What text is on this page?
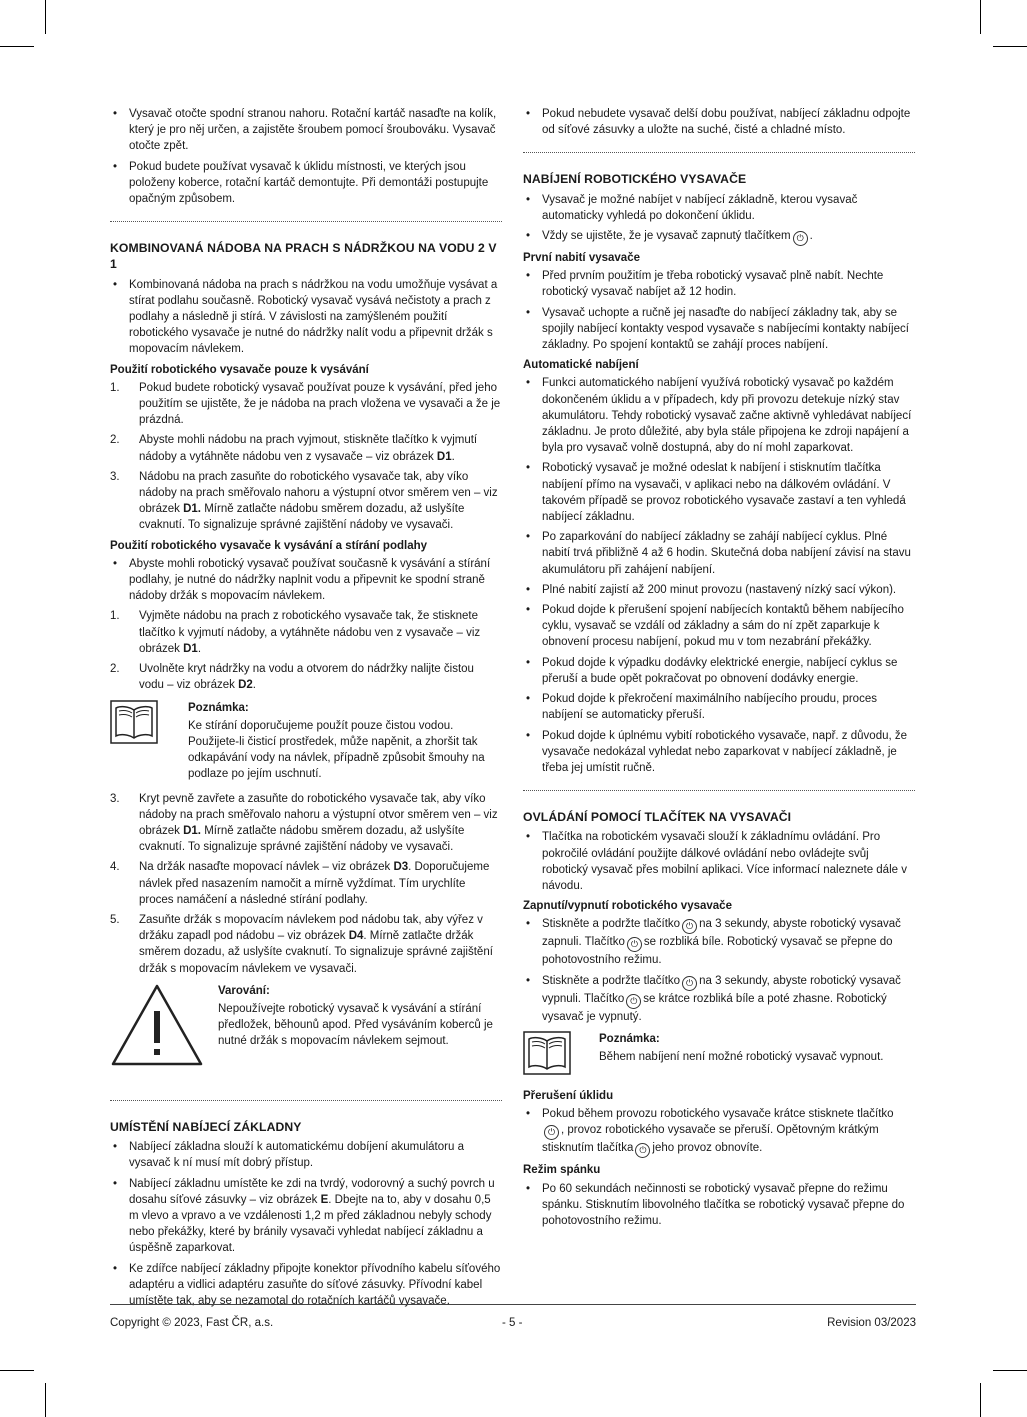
• Vysavač otočte spodní stranou nahoru. Rotační kartáč nasaďte na kolík, který je pro něj určen, a zajistěte šroubem pomocí šroubováku. Vysavač otočte zpět.
• Pokud budete používat vysavač k úklidu místnosti, ve kterých jsou položeny koberce, rotační kartáč demontujte. Při demontáži postupujte opačným způsobem.
KOMBINOVANÁ NÁDOBA NA PRACH S NÁDRŽKOU NA VODU 2 V 1
• Kombinovaná nádoba na prach s nádržkou na vodu umožňuje vysávat a stírat podlahu současně. Robotický vysavač vysává nečistoty a prach z podlahy a následně ji stírá. V závislosti na zamýšleném použití robotického vysavače je nutné do nádržky nalít vodu a připevnit držák s mopovacím návlekem.
Použití robotického vysavače pouze k vysávání
1. Pokud budete robotický vysavač používat pouze k vysávání, před jeho použitím se ujistěte, že je nádoba na prach vložena ve vysavači a že je prázdná.
2. Abyste mohli nádobu na prach vyjmout, stiskněte tlačítko k vyjmutí nádoby a vytáhněte nádobu ven z vysavače – viz obrázek D1.
3. Nádobu na prach zasuňte do robotického vysavače tak, aby víko nádoby na prach směřovalo nahoru a výstupní otvor směrem ven – viz obrázek D1. Mírně zatlačte nádobu směrem dozadu, až uslyšíte cvaknutí. To signalizuje správné zajištění nádoby ve vysavači.
Použití robotického vysavače k vysávání a stírání podlahy
• Abyste mohli robotický vysavač používat současně k vysávání a stírání podlahy, je nutné do nádržky naplnit vodu a připevnit ke spodní straně nádoby držák s mopovacím návlekem.
1. Vyjměte nádobu na prach z robotického vysavače tak, že stisknete tlačítko k vyjmutí nádoby, a vytáhněte nádobu ven z vysavače – viz obrázek D1.
2. Uvolněte kryt nádržky na vodu a otvorem do nádržky nalijte čistou vodu – viz obrázek D2.
Poznámka:
Ke stírání doporučujeme použít pouze čistou vodou. Použijete-li čisticí prostředek, může napěnit, a zhoršit tak odkapávání vody na návlek, případně způsobit šmouhy na podlaze po jejím uschnutí.
3. Kryt pevně zavřete a zasuňte do robotického vysavače tak, aby víko nádoby na prach směřovalo nahoru a výstupní otvor směrem ven – viz obrázek D1. Mírně zatlačte nádobu směrem dozadu, až uslyšíte cvaknutí. To signalizuje správné zajištění nádoby ve vysavači.
4. Na držák nasaďte mopovací návlek – viz obrázek D3. Doporučujeme návlek před nasazením namočit a mírně vyždímat. Tím urychlíte proces namáčení a následné stírání podlahy.
5. Zasuňte držák s mopovacím návlekem pod nádobu tak, aby výřez v držáku zapadl pod nádobu – viz obrázek D4. Mírně zatlačte držák směrem dozadu, až uslyšíte cvaknutí. To signalizuje správné zajištění držák s mopovacím návlekem ve vysavači.
Varování:
Nepoužívejte robotický vysavač k vysávání a stírání předložek, běhounů apod. Před vysáváním koberců je nutné držák s mopovacím návlekem sejmout.
UMÍSTĚNÍ NABÍJECÍ ZÁKLADNY
• Nabíjecí základna slouží k automatickému dobíjení akumulátoru a vysavač k ní musí mít dobrý přístup.
• Nabíjecí základnu umístěte ke zdi na tvrdý, vodorovný a suchý povrch u dosahu síťové zásuvky – viz obrázek E. Dbejte na to, aby v dosahu 0,5 m vlevo a vpravo a ve vzdálenosti 1,2 m před základnou nebyly schody nebo překážky, které by bránily vysavači vyhledat nabíjecí základnu a úspěšně zaparkovat.
• Ke zdířce nabíjecí základny připojte konektor přívodního kabelu síťového adaptéru a vidlici adaptéru zasuňte do síťové zásuvky. Přívodní kabel umístěte tak, aby se nezamotal do rotačních kartáčů vysavače.
• Pokud nebudete vysavač delší dobu používat, nabíjecí základnu odpojte od síťové zásuvky a uložte na suché, čisté a chladné místo.
NABÍJENÍ ROBOTICKÉHO VYSAVAČE
• Vysavač je možné nabíjet v nabíjecí základně, kterou vysavač automaticky vyhledá po dokončení úklidu.
• Vždy se ujistěte, že je vysavač zapnutý tlačítkem ⏻ .
První nabití vysavače
• Před prvním použitím je třeba robotický vysavač plně nabít. Nechte robotický vysavač nabíjet až 12 hodin.
• Vysavač uchopte a ručně jej nasaďte do nabíjecí základny tak, aby se spojily nabíjecí kontakty vespod vysavače s nabíjecími kontakty nabíjecí základny. Po spojení kontaktů se zahájí proces nabíjení.
Automatické nabíjení
• Funkci automatického nabíjení využívá robotický vysavač po každém dokončeném úklidu a v případech, kdy při provozu detekuje nízký stav akumulátoru. Tehdy robotický vysavač začne aktivně vyhledávat nabíjecí základnu. Je proto důležité, aby byla stále připojena ke zdroji napájení a byla pro vysavač volně dostupná, aby do ní mohl zaparkovat.
• Robotický vysavač je možné odeslat k nabíjení i stisknutím tlačítka nabíjení přímo na vysavači, v aplikaci nebo na dálkovém ovládání. V takovém případě se provoz robotického vysavače zastaví a ten vyhledá nabíjecí základnu.
• Po zaparkování do nabíjecí základny se zahájí nabíjecí cyklus. Plné nabití trvá přibližně 4 až 6 hodin. Skutečná doba nabíjení závisí na stavu akumulátoru při zahájení nabíjení.
• Plné nabití zajistí až 200 minut provozu (nastavený nízký sací výkon).
• Pokud dojde k přerušení spojení nabíjecích kontaktů během nabíjecího cyklu, vysavač se vzdálí od základny a sám do ní zpět zaparkuje k obnovení procesu nabíjení, pokud mu v tom nezabrání překážky.
• Pokud dojde k výpadku dodávky elektrické energie, nabíjecí cyklus se přeruší a bude opět pokračovat po obnovení dodávky energie.
• Pokud dojde k překročení maximálního nabíjecího proudu, proces nabíjení se automaticky přeruší.
• Pokud dojde k úplnému vybití robotického vysavače, např. z důvodu, že vysavače nedokázal vyhledat nebo zaparkovat v nabíjecí základně, je třeba jej umístit ručně.
OVLÁDÁNÍ POMOCÍ TLAČÍTEK NA VYSAVAČI
• Tlačítka na robotickém vysavači slouží k základnímu ovládání. Pro pokročilé ovládání použijte dálkové ovládání nebo ovládejte svůj robotický vysavač přes mobilní aplikaci. Více informací naleznete dále v návodu.
Zapnutí/vypnutí robotického vysavače
• Stiskněte a podržte tlačítko ⏻ na 3 sekundy, abyste robotický vysavač zapnuli. Tlačítko ⏻ se rozbliká bíle. Robotický vysavač se přepne do pohotovostního režimu.
• Stiskněte a podržte tlačítko ⏻ na 3 sekundy, abyste robotický vysavač vypnuli. Tlačítko ⏻ se krátce rozbliká bíle a poté zhasne. Robotický vysavač je vypnutý.
Poznámka:
Během nabíjení není možné robotický vysavač vypnout.
Přerušení úklidu
• Pokud během provozu robotického vysavače krátce stisknete tlačítko
⏻ , provoz robotického vysavače se přeruší. Opětovným krátkým stisknutím tlačítka ⏻ jeho provoz obnovíte.
Režim spánku
• Po 60 sekundách nečinnosti se robotický vysavač přepne do režimu spánku. Stisknutím libovolného tlačítka se robotický vysavač přepne do pohotovostního režimu.
Copyright © 2023, Fast ČR, a.s.	- 5 -	Revision 03/2023
